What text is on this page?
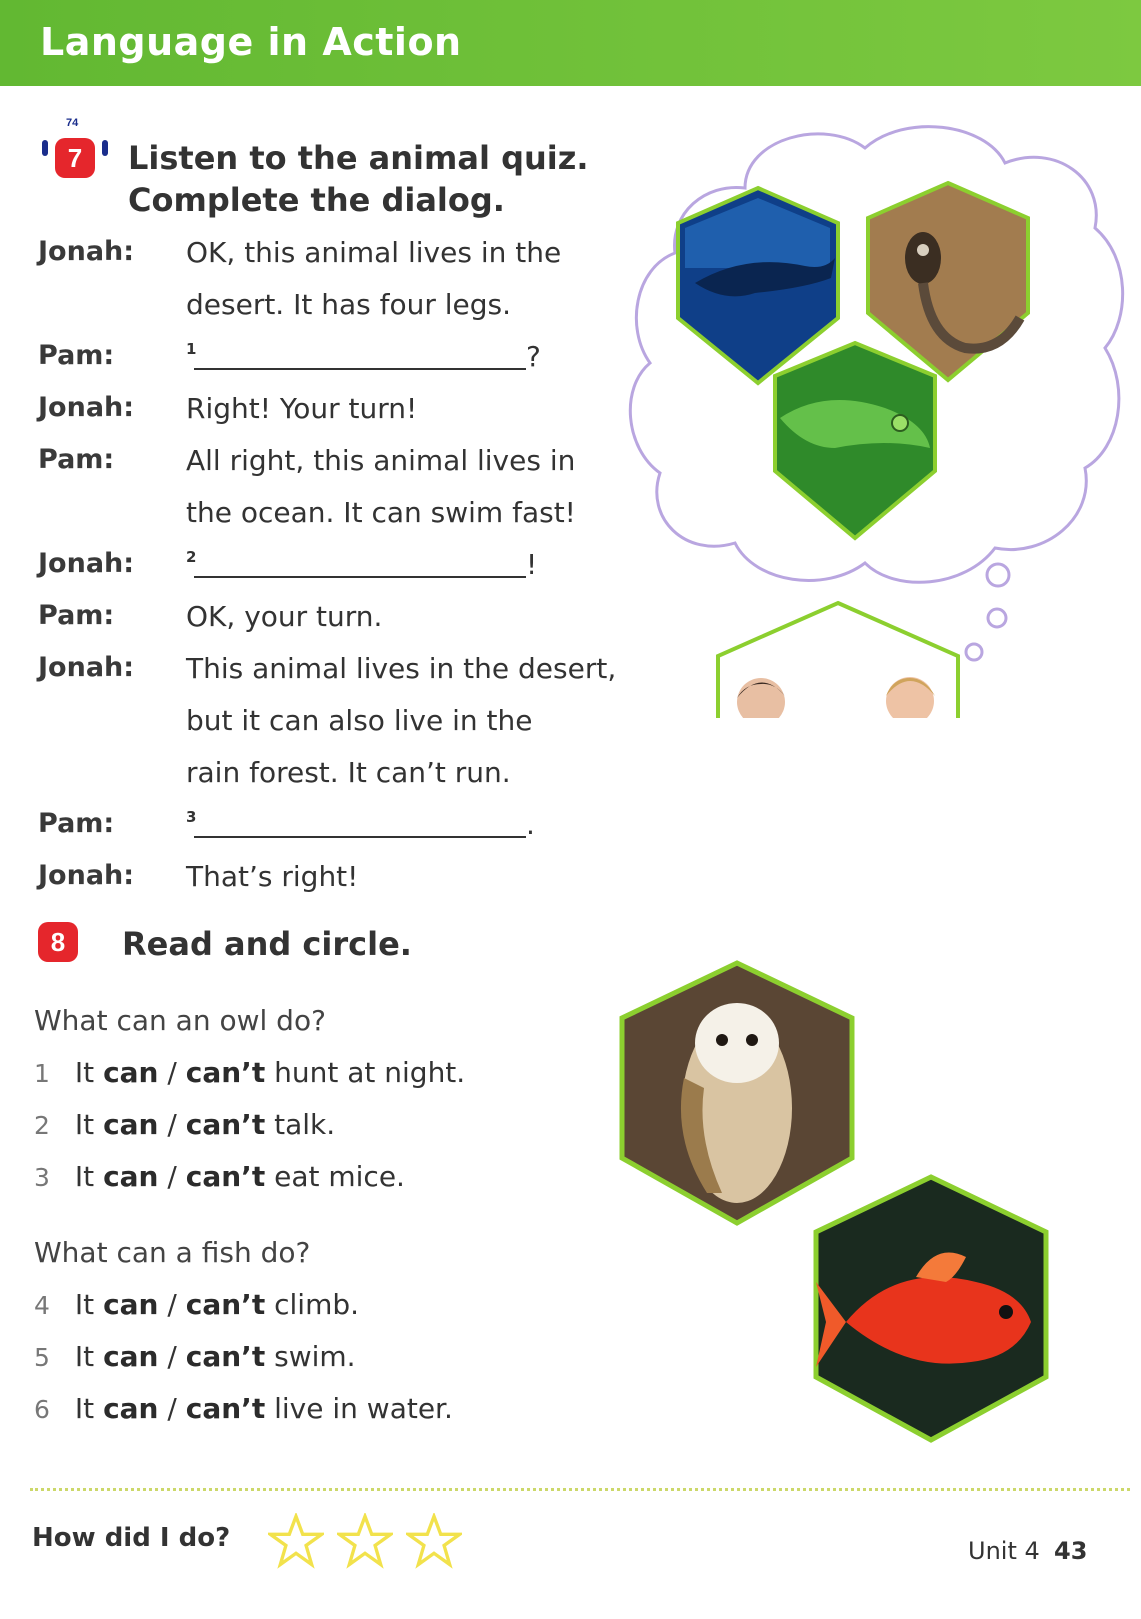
Language in Action
74
7	Listen to the animal quiz.
Complete the dialog.
Jonah: OK, this animal lives in the
desert. It has four legs.
Pam:	1	?
Jonah: Right! Your turn!
Pam:	All right, this animal lives in
the ocean. It can swim fast!
Jonah:	2	!
Pam:	OK, your turn.
Jonah: This animal lives in the desert,
but it can also live in the
rain forest. It can’t run.
Pam:	3	.
Jonah: That’s right!
8	Read and circle.
What can an owl do?
1 It can / can’t hunt at night.
2 It can / can’t talk.
3 It can / can’t eat mice.
What can a fish do?
4 It can / can’t climb.
5 It can / can’t swim.
6 It can / can’t live in water.
How did I do?
	Unit 4 43
